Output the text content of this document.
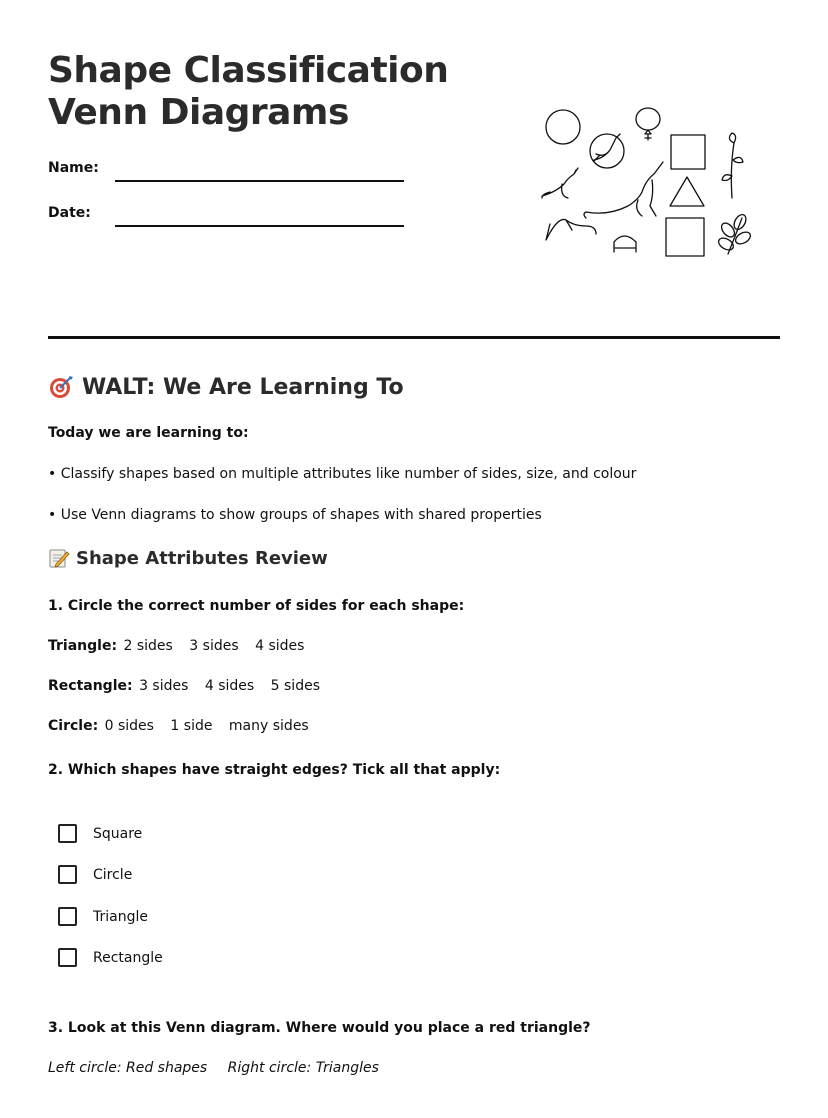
Shape Classification
Venn Diagrams
Name:
Date:
WALT: We Are Learning To
Today we are learning to:
• Classify shapes based on multiple attributes like number of sides, size, and colour
• Use Venn diagrams to show groups of shapes with shared properties
Shape Attributes Review
1. Circle the correct number of sides for each shape:
Triangle: 2 sides 3 sides 4 sides
Rectangle: 3 sides 4 sides 5 sides
Circle: 0 sides 1 side many sides
2. Which shapes have straight edges? Tick all that apply:
Square
Circle
Triangle
Rectangle
3. Look at this Venn diagram. Where would you place a red triangle?
Left circle: Red shapes Right circle: Triangles
